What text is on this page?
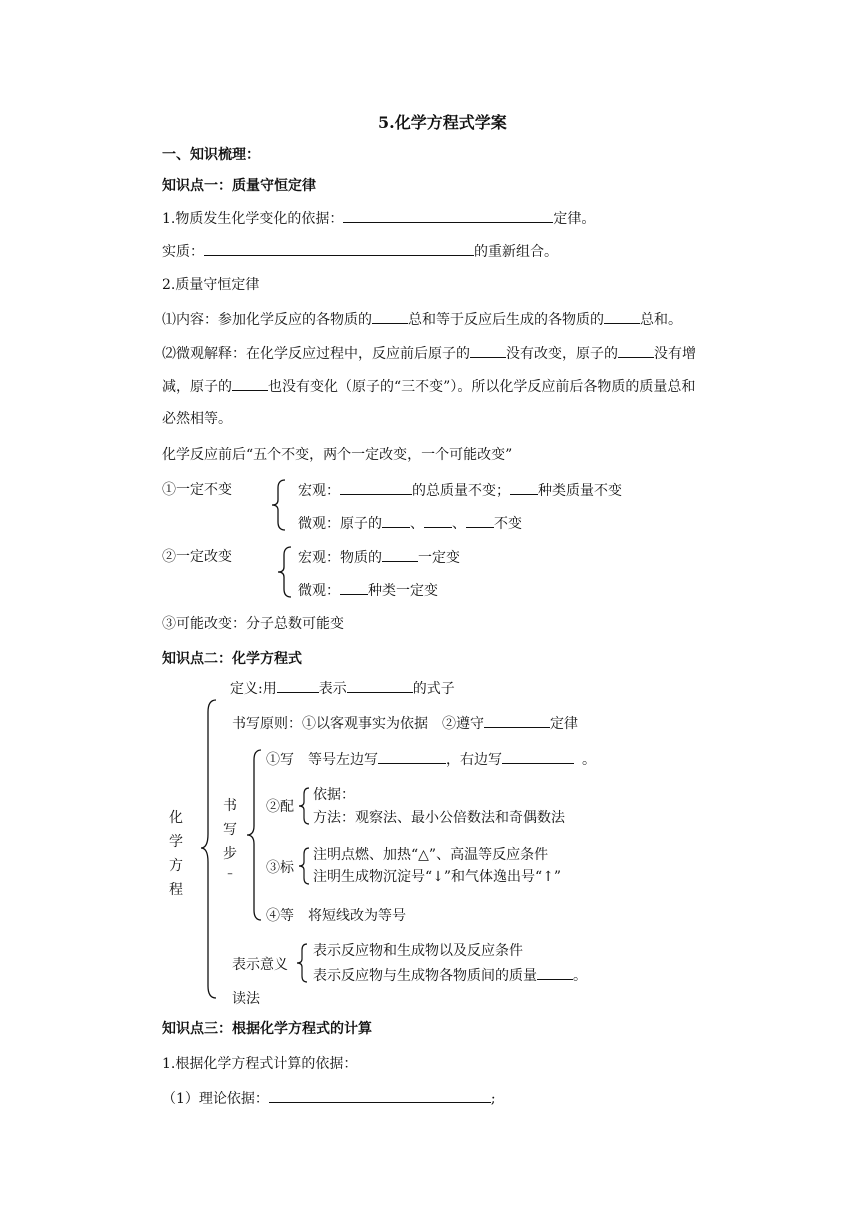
5.化学方程式学案
一、知识梳理：
知识点一：质量守恒定律
1.物质发生化学变化的依据：	定律。
实质：	的重新组合。
2.质量守恒定律
⑴内容：参加化学反应的各物质的	总和等于反应后生成的各物质的	总和。
⑵微观解释：在化学反应过程中，反应前后原子的	没有改变，原子的	没有增
减，原子的	也没有变化（原子的“三不变”）。所以化学反应前后各物质的质量总和
必然相等。
化学反应前后“五个不变，两个一定改变，一个可能改变”
①一定不变	宏观：	的总质量不变； 种类质量不变
微观：原子的 、 、 不变
②一定改变	宏观：物质的	一定变
微观： 种类一定变
③可能改变：分子总数可能变
知识点二：化学方程式
化
学
方
程
定义:用	表示	的式子
书写原则：①以客观事实为依据　②遵守	定律
书
写
步
–
①写　等号左边写	，右边写	。
②配
依据：
方法：观察法、最小公倍数法和奇偶数法
③标
注明点燃、加热“△”、高温等反应条件
注明生成物沉淀号“↓”和气体逸出号“↑”
④等　将短线改为等号
表示意义
表示反应物和生成物以及反应条件
表示反应物与生成物各物质间的质量	。
读法
知识点三：根据化学方程式的计算
1.根据化学方程式计算的依据：
（1）理论依据：	;
